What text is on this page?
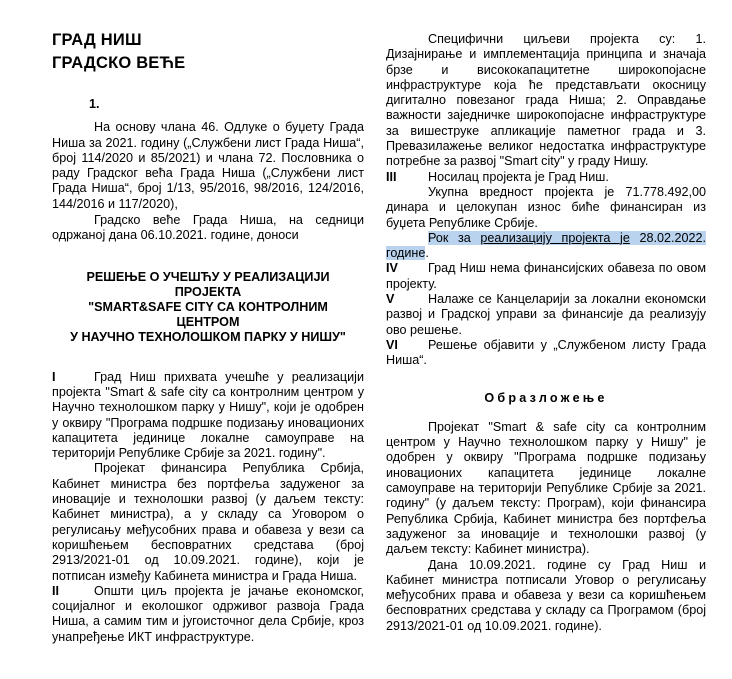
ГРАД НИШ
ГРАДСКО ВЕЋЕ
1.

На основу члана 46. Одлуке о буџету Града Ниша за 2021. годину („Службени лист Града Ниша“, број 114/2020 и 85/2021) и члана 72. Пословника о раду Градског већа Града Ниша („Службени лист Града Ниша“, број 1/13, 95/2016, 98/2016, 124/2016, 144/2016 и 117/2020),

Градско веће Града Ниша, на седници одржаној дана 06.10.2021. године, доноси

РЕШЕЊЕ О УЧЕШЋУ У РЕАЛИЗАЦИЈИ
ПРОЈЕКТА
"SMART&SAFE CITY СА КОНТРОЛНИМ
ЦЕНТРОМ
У НАУЧНО ТЕХНОЛОШКОМ ПАРКУ У НИШУ"

I	Град Ниш прихвата учешће у реализацији пројекта "Smart & safe city са контролним центром у Научно технолошком парку у Нишу", који је одобрен у оквиру "Програма подршке подизању иновационих капацитета јединице локалне самоуправе на територији Републике Србије за 2021. годину".

Пројекат финансира Република Србија, Кабинет министра без портфеља задуженог за иновације и технолошки развој (у даљем тексту: Кабинет министра), а у складу са Уговором о регулисању међусобних права и обавеза у вези са коришћењем бесповратних средстава (број 2913/2021-01 од 10.09.2021. године), који је потписан између Кабинета министра и Града Ниша.

II	Општи циљ пројекта је јачање економског, социјалног и еколошког одрживог развоја Града Ниша, а самим тим и југоисточног дела Србије, кроз унапређење ИКТ инфраструктуре.

Специфични циљеви пројекта су: 1. Дизајнирање и имплементација принципа и значаја брзе и висококапацитетне широкопојасне инфраструктуре која ће представљати окосницу дигитално повезаног града Ниша; 2. Оправдање важности заједничке широкопојасне инфраструктуре за вишеструке апликације паметног града и 3. Превазилажење великог недостатка инфраструктуре потребне за развој "Smart city" у граду Нишу.

III	Носилац пројекта је Град Ниш.

Укупна вредност пројекта је 71.778.492,00 динара и целокупан износ биће финансиран из буџета Републике Србије.

Рок за реализацију пројекта је 28.02.2022. године.

IV Град Ниш нема финансијских обавеза по овом пројекту.

V	Налаже се Канцеларији за локални економски развој и Градској управи за финансије да реализују ово решење.

VI Решење објавити у „Службеном листу Града Ниша“.

Образложење

Пројекат "Smart & safe city са контролним центром у Научно технолошком парку у Нишу" је одобрен у оквиру "Програма подршке подизању иновационих капацитета јединице локалне самоуправе на територији Републике Србије за 2021. годину" (у даљем тексту: Програм), који финансира Република Србија, Кабинет министра без портфеља задуженог за иновације и технолошки развој (у даљем тексту: Кабинет министра).

Дана 10.09.2021. године су Град Ниш и Кабинет министра потписали Уговор о регулисању међусобних права и обавеза у вези са коришћењем бесповратних средстава у складу са Програмом (број 2913/2021-01 од 10.09.2021. године).
